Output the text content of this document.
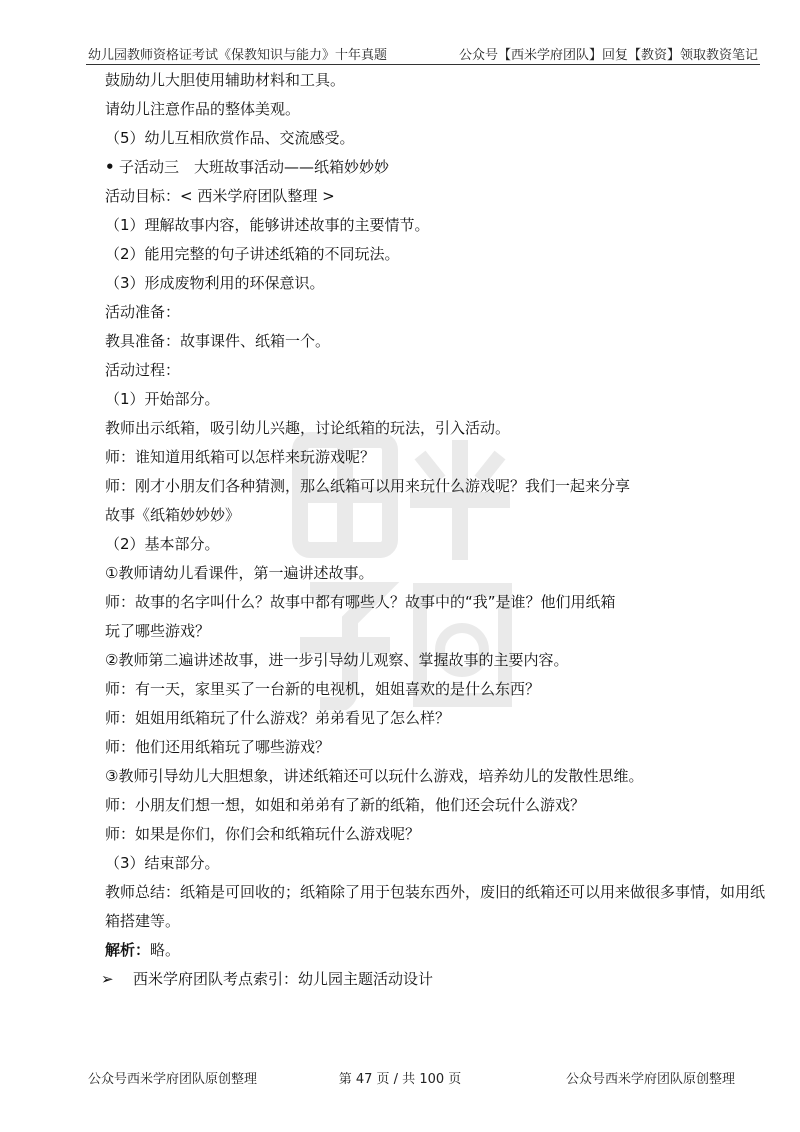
幼儿园教师资格证考试《保教知识与能力》十年真题	公众号【西米学府团队】回复【教资】领取教资笔记
鼓励幼儿大胆使用辅助材料和工具。
请幼儿注意作品的整体美观。
（5）幼儿互相欣赏作品、交流感受。
• 子活动三　大班故事活动——纸箱妙妙妙
活动目标：< 西米学府团队整理 >
（1）理解故事内容，能够讲述故事的主要情节。
（2）能用完整的句子讲述纸箱的不同玩法。
（3）形成废物利用的环保意识。
活动准备：
教具准备：故事课件、纸箱一个。
活动过程：
（1）开始部分。
教师出示纸箱，吸引幼儿兴趣，讨论纸箱的玩法，引入活动。
师：谁知道用纸箱可以怎样来玩游戏呢？
师：刚才小朋友们各种猜测，那么纸箱可以用来玩什么游戏呢？我们一起来分享
故事《纸箱妙妙妙》
（2）基本部分。
①教师请幼儿看课件，第一遍讲述故事。
师：故事的名字叫什么？故事中都有哪些人？故事中的“我”是谁？他们用纸箱
玩了哪些游戏？
②教师第二遍讲述故事，进一步引导幼儿观察、掌握故事的主要内容。
师：有一天，家里买了一台新的电视机，姐姐喜欢的是什么东西？
师：姐姐用纸箱玩了什么游戏？弟弟看见了怎么样？
师：他们还用纸箱玩了哪些游戏？
③教师引导幼儿大胆想象，讲述纸箱还可以玩什么游戏，培养幼儿的发散性思维。
师：小朋友们想一想，如姐和弟弟有了新的纸箱，他们还会玩什么游戏？
师：如果是你们，你们会和纸箱玩什么游戏呢？
（3）结束部分。
教师总结：纸箱是可回收的；纸箱除了用于包装东西外，废旧的纸箱还可以用来做很多事情，如用纸
箱搭建等。
解析：略。
➢ 西米学府团队考点索引：幼儿园主题活动设计
公众号西米学府团队原创整理	第 47 页 / 共 100 页	公众号西米学府团队原创整理
